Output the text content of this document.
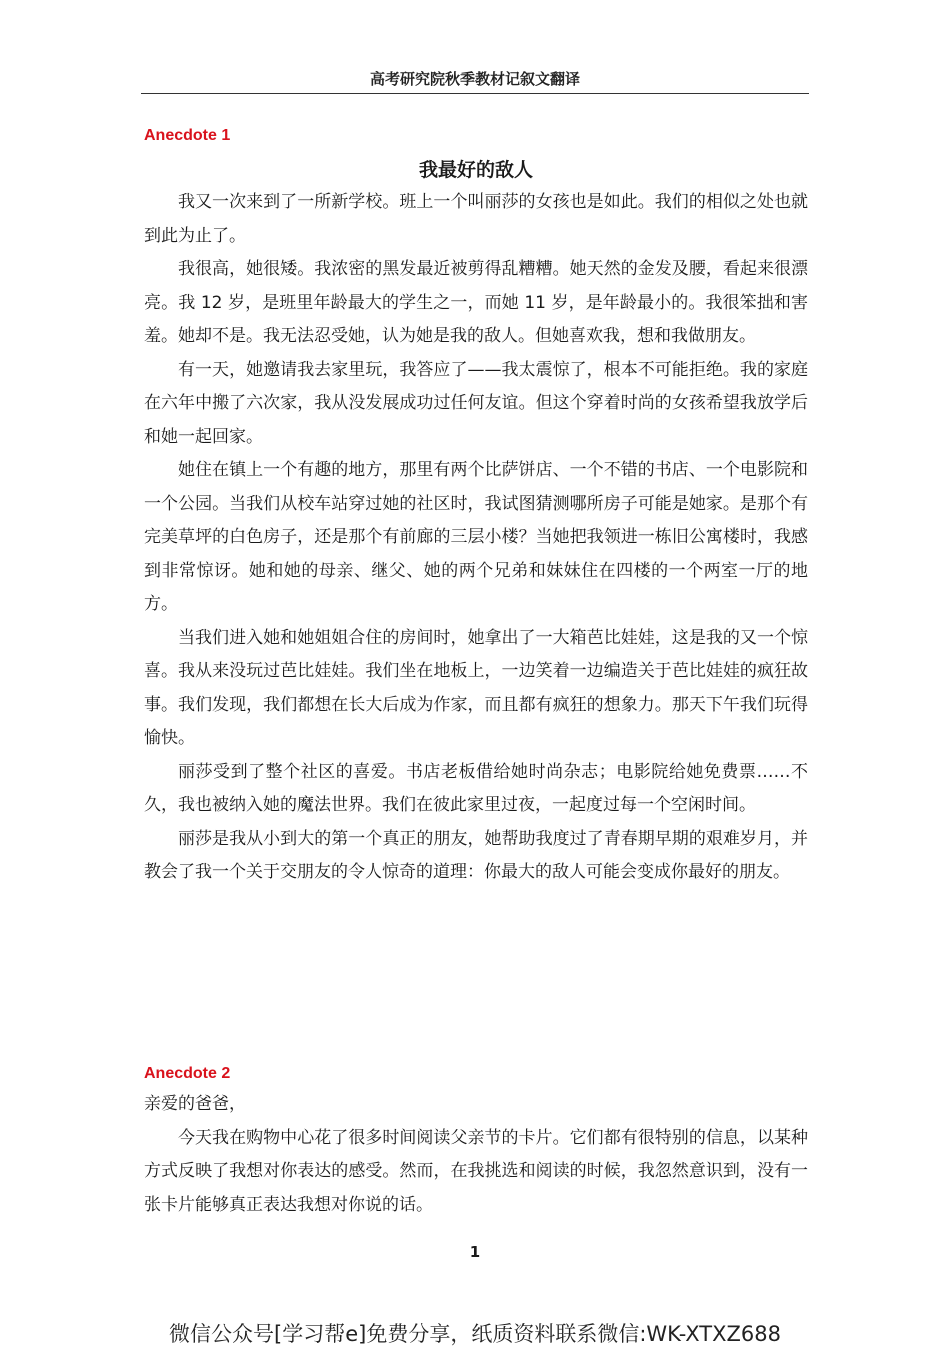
高考研究院秋季教材记叙文翻译
Anecdote 1
我最好的敌人

我又一次来到了一所新学校。班上一个叫丽莎的女孩也是如此。我们的相似之处也就到此为止了。

我很高，她很矮。我浓密的黑发最近被剪得乱糟糟。她天然的金发及腰，看起来很漂亮。我 12 岁，是班里年龄最大的学生之一，而她 11 岁，是年龄最小的。我很笨拙和害羞。她却不是。我无法忍受她，认为她是我的敌人。但她喜欢我，想和我做朋友。

有一天，她邀请我去家里玩，我答应了——我太震惊了，根本不可能拒绝。我的家庭在六年中搬了六次家，我从没发展成功过任何友谊。但这个穿着时尚的女孩希望我放学后和她一起回家。

她住在镇上一个有趣的地方，那里有两个比萨饼店、一个不错的书店、一个电影院和一个公园。当我们从校车站穿过她的社区时，我试图猜测哪所房子可能是她家。是那个有完美草坪的白色房子，还是那个有前廊的三层小楼？当她把我领进一栋旧公寓楼时，我感到非常惊讶。她和她的母亲、继父、她的两个兄弟和妹妹住在四楼的一个两室一厅的地方。

当我们进入她和她姐姐合住的房间时，她拿出了一大箱芭比娃娃，这是我的又一个惊喜。我从来没玩过芭比娃娃。我们坐在地板上，一边笑着一边编造关于芭比娃娃的疯狂故事。我们发现，我们都想在长大后成为作家，而且都有疯狂的想象力。那天下午我们玩得愉快。

丽莎受到了整个社区的喜爱。书店老板借给她时尚杂志；电影院给她免费票……不久，我也被纳入她的魔法世界。我们在彼此家里过夜，一起度过每一个空闲时间。

丽莎是我从小到大的第一个真正的朋友，她帮助我度过了青春期早期的艰难岁月，并教会了我一个关于交朋友的令人惊奇的道理：你最大的敌人可能会变成你最好的朋友。

Anecdote 2

亲爱的爸爸，

今天我在购物中心花了很多时间阅读父亲节的卡片。它们都有很特别的信息，以某种方式反映了我想对你表达的感受。然而，在我挑选和阅读的时候，我忽然意识到，没有一张卡片能够真正表达我想对你说的话。

1
微信公众号[学习帮e]免费分享，纸质资料联系微信:WK-XTXZ688
